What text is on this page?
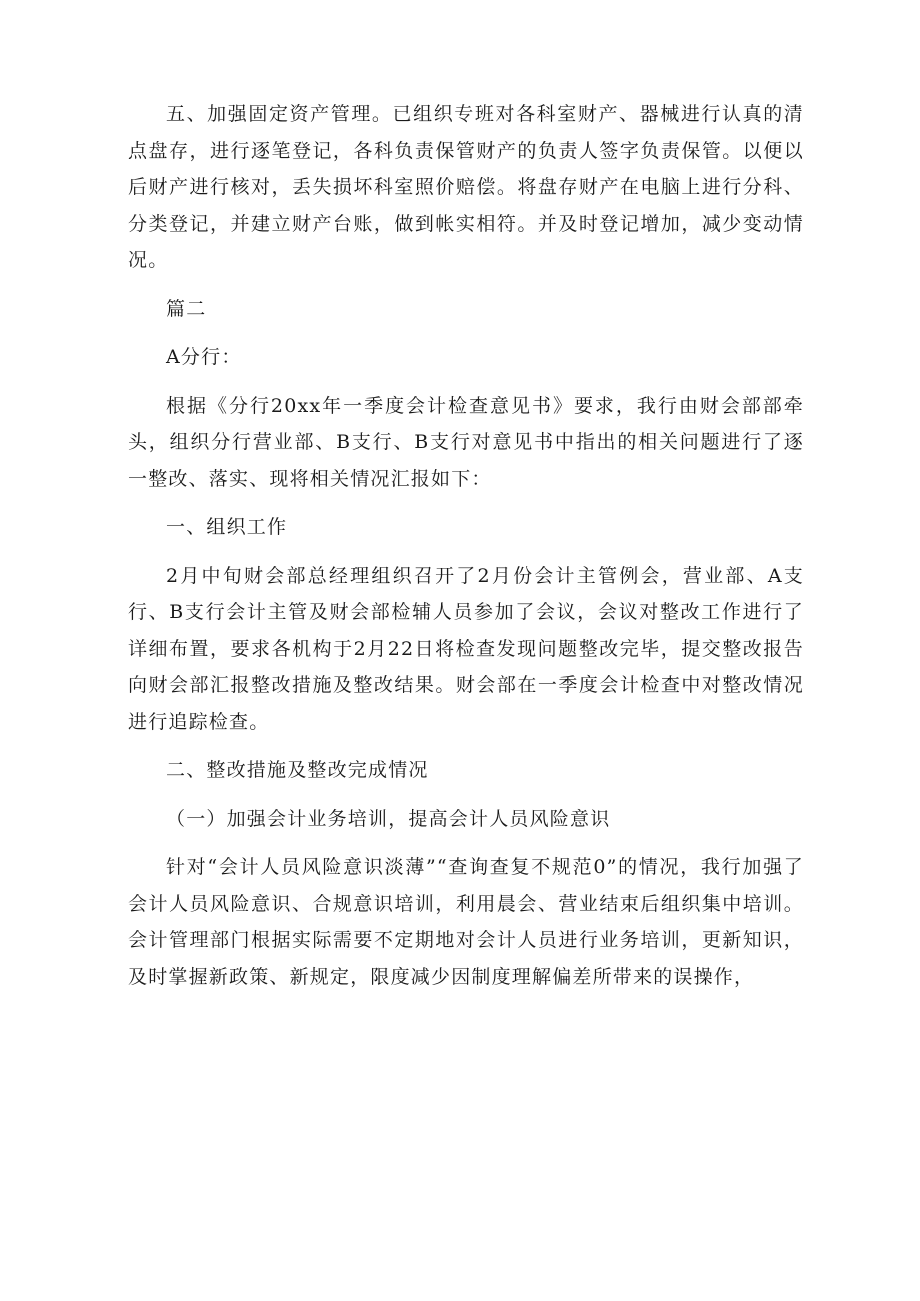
五、加强固定资产管理。已组织专班对各科室财产、器械进行认真的清点盘存，进行逐笔登记，各科负责保管财产的负责人签字负责保管。以便以后财产进行核对，丢失损坏科室照价赔偿。将盘存财产在电脑上进行分科、分类登记，并建立财产台账，做到帐实相符。并及时登记增加，减少变动情况。

篇二

A分行：

根据《分行20xx年一季度会计检查意见书》要求，我行由财会部部牵头，组织分行营业部、B支行、B支行对意见书中指出的相关问题进行了逐一整改、落实、现将相关情况汇报如下：

一、组织工作

2月中旬财会部总经理组织召开了2月份会计主管例会，营业部、A支行、B支行会计主管及财会部检辅人员参加了会议，会议对整改工作进行了详细布置，要求各机构于2月22日将检查发现问题整改完毕，提交整改报告向财会部汇报整改措施及整改结果。财会部在一季度会计检查中对整改情况进行追踪检查。

二、整改措施及整改完成情况

（一）加强会计业务培训，提高会计人员风险意识

针对“会计人员风险意识淡薄”“查询查复不规范0”的情况，我行加强了会计人员风险意识、合规意识培训，利用晨会、营业结束后组织集中培训。会计管理部门根据实际需要不定期地对会计人员进行业务培训，更新知识，及时掌握新政策、新规定，限度减少因制度理解偏差所带来的误操作，
